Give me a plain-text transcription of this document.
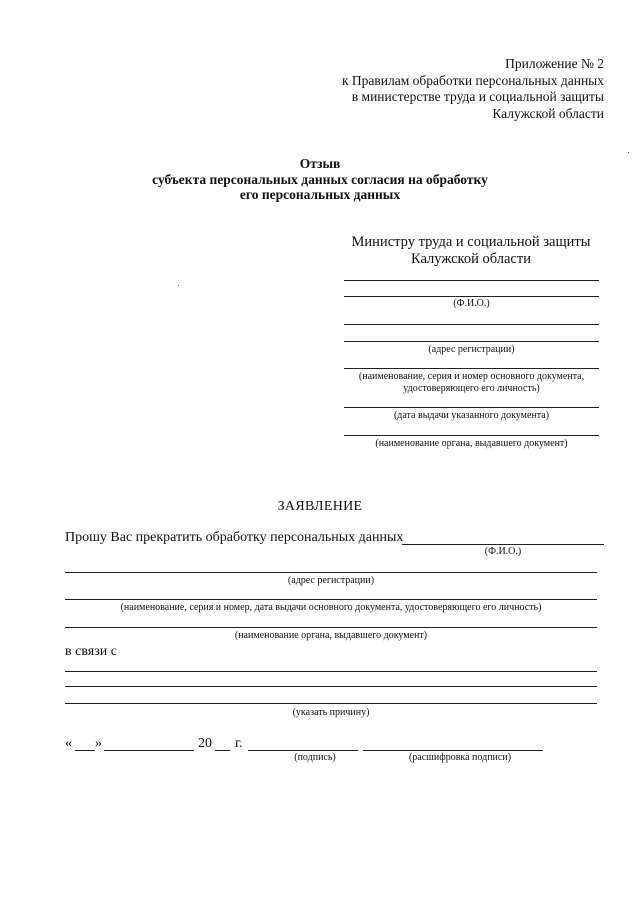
Приложение № 2
к Правилам обработки персональных данных
в министерстве труда и социальной защиты
Калужской области
Отзыв
субъекта персональных данных согласия на обработку
его персональных данных
Министру труда и социальной защиты
Калужской области
(Ф.И.О.)
(адрес регистрации)
(наименование, серия и номер основного документа,
удостоверяющего его личность)
(дата выдачи указанного документа)
(наименование органа, выдавшего документ)
ЗАЯВЛЕНИЕ
Прошу Вас прекратить обработку персональных данных
(Ф.И.О.)
(адрес регистрации)
(наименование, серия и номер, дата выдачи основного документа, удостоверяющего его личность)
(наименование органа, выдавшего документ)
в связи с
(указать причину)
« »	20 г.
(подпись)	(расшифровка подписи)
